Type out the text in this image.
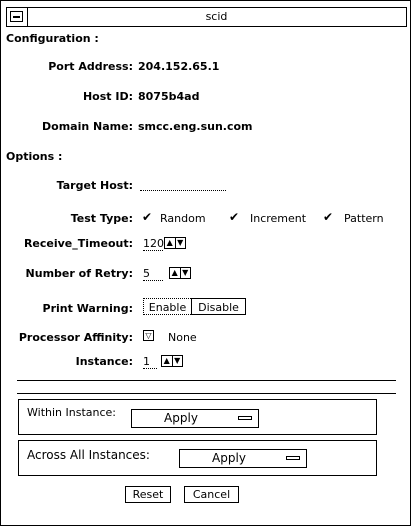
scid
Configuration :
Port Address: 204.152.65.1
Host ID: 8075b4ad
Domain Name: smcc.eng.sun.com
Options :
Target Host:
Test Type: ✔ Random ✔ Increment ✔ Pattern
Receive_Timeout: 120 ▲ ▼
Number of Retry: 5	▲ ▼
Print Warning:	Enable	Disable
Processor Affinity:	▽ None
Instance: 1	▲ ▼
Within Instance:	Apply
Across All Instances:	Apply
Reset	Cancel
